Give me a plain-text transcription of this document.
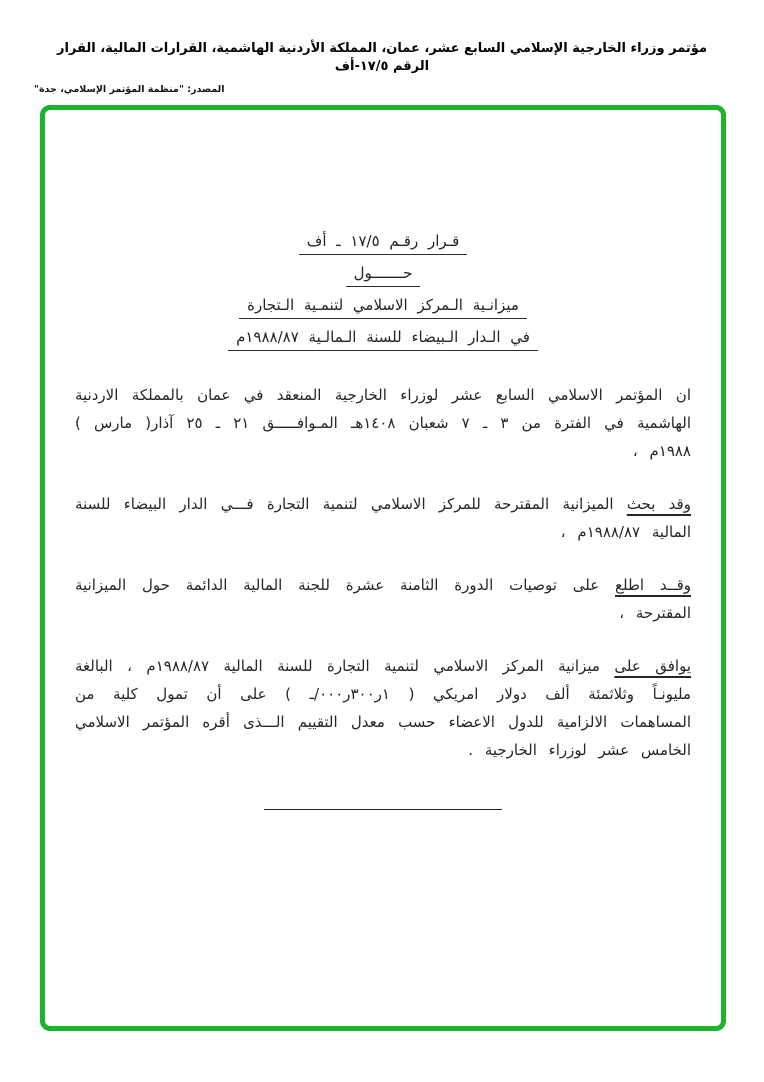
مؤتمر وزراء الخارجية الإسلامي السابع عشر، عمان، المملكة الأردنية الهاشمية، القرارات المالية، القرار الرقم ١٧/٥-أف
المصدر: "منظمة المؤتمر الإسلامي، جدة"
قـرار رقـم ١٧/٥ ـ أف
حـــــــول
ميزانـية الـمركز الاسلامي لتنمـية الـتجارة
في الـدار الـبيضاء للسنة الـمالـية ١٩٨٨/٨٧م

ان المؤتمر الاسلامي السابع عشر لوزراء الخارجية المنعقد في عمان بالمملكة الاردنية الهاشمية في الفترة من ٣ ـ ٧ شعبان ١٤٠٨هـ المـوافـــــق ٢١ ـ ٢٥ آذار( مارس ) ١٩٨٨م ،

وقد بحث الميزانية المقترحة للمركز الاسلامي لتنمية التجارة فـــي الدار البيضاء للسنة المالية ١٩٨٨/٨٧م ،

وقــد اطلع على توصيات الدورة الثامنة عشرة للجنة المالية الدائمة حول الميزانية المقترحة ،

يوافق على ميزانية المركز الاسلامي لتنمية التجارة للسنة المالية ١٩٨٨/٨٧م ، البالغة مليونـاً وثلاثمئة ألف دولار امريكي ( ١ر٣٠٠ر٠٠٠/ـ ) على أن تمول كلية من المساهمات الالزامية للدول الاعضاء حسب معدل التقييم الـــذى أقره المؤتمر الاسلامي الخامس عشر لوزراء الخارجية .
